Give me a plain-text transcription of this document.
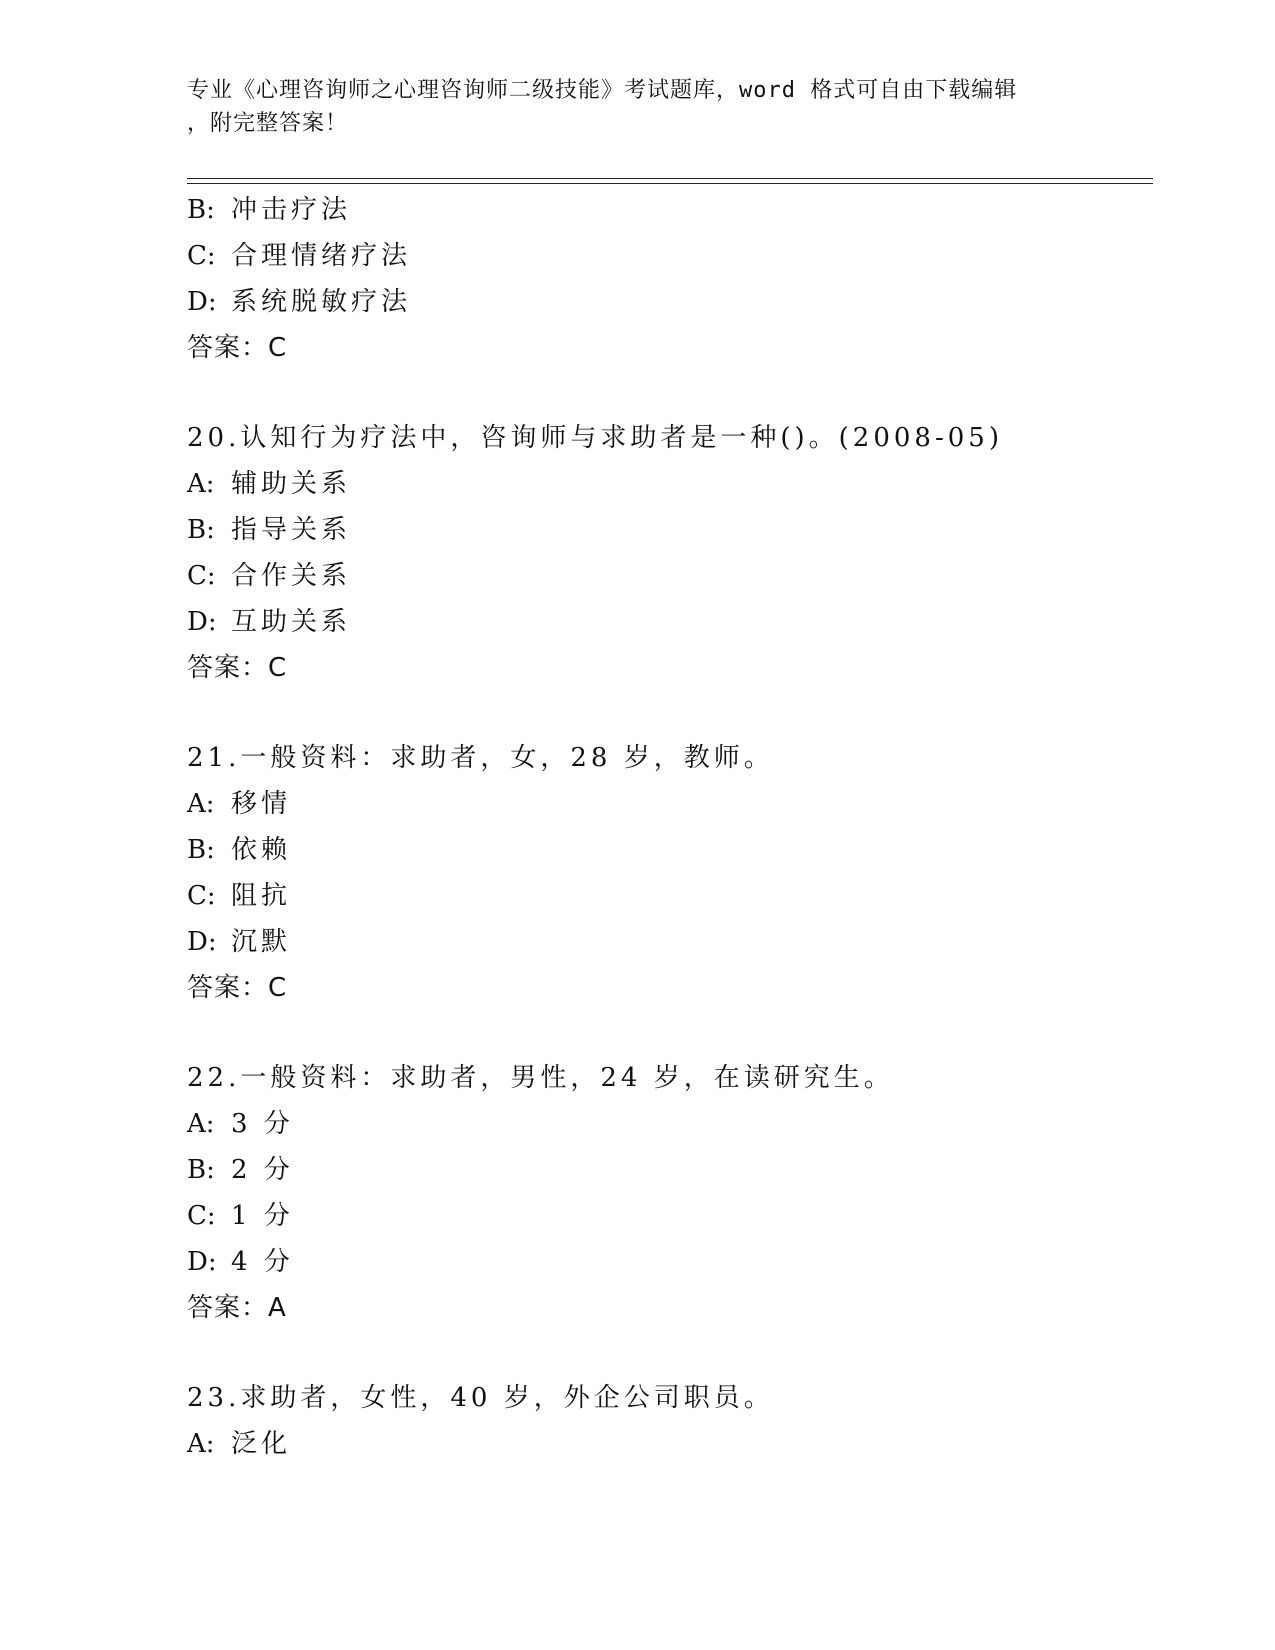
专业《心理咨询师之心理咨询师二级技能》考试题库，word 格式可自由下载编辑
，附完整答案！
B: 冲击疗法
C: 合理情绪疗法
D: 系统脱敏疗法
答案：C
20.认知行为疗法中，咨询师与求助者是一种()。(2008-05)
A: 辅助关系
B: 指导关系
C: 合作关系
D: 互助关系
答案：C
21.一般资料：求助者，女，28 岁，教师。
A: 移情
B: 依赖
C: 阻抗
D: 沉默
答案：C
22.一般资料：求助者，男性，24 岁，在读研究生。
A: 3 分
B: 2 分
C: 1 分
D: 4 分
答案：A
23.求助者，女性，40 岁，外企公司职员。
A: 泛化
